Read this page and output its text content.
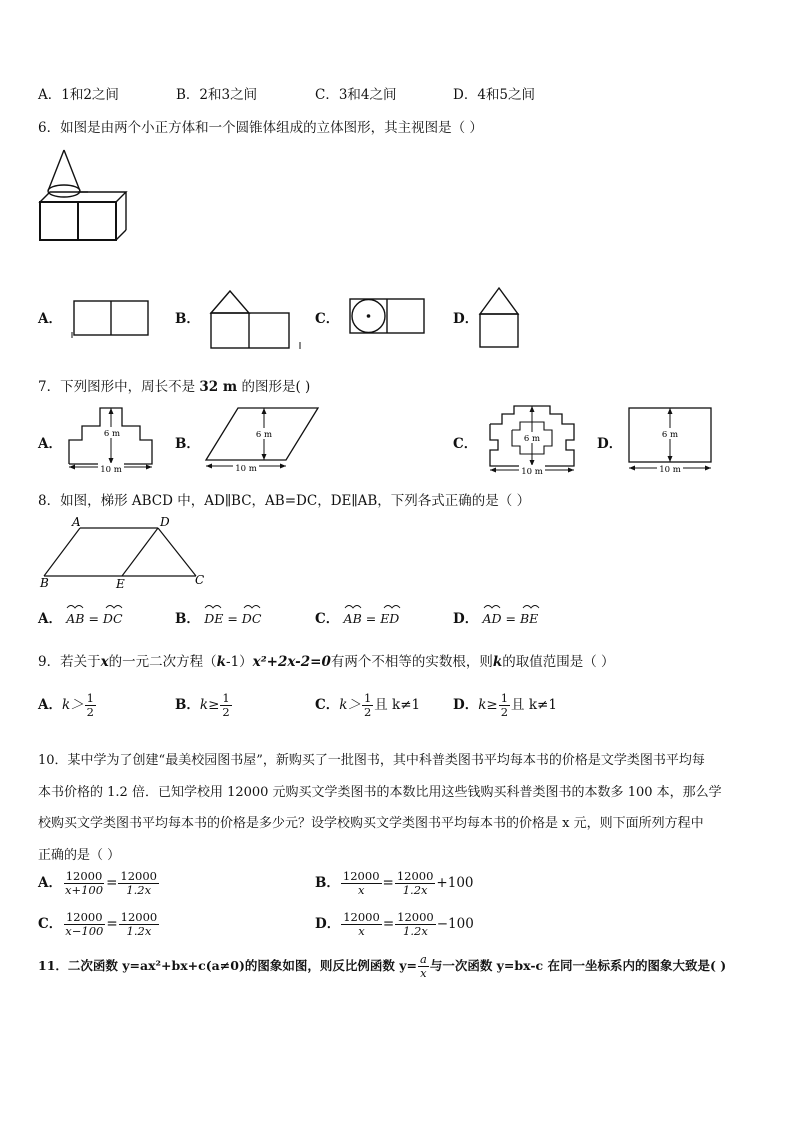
A．1和2之间	B．2和3之间	C．3和4之间	D．4和5之间
6．如图是由两个小正方体和一个圆锥体组成的立体图形，其主视图是（ ）
A．	B．	C．	D．
7．下列图形中，周长不是 32 m 的图形是( )
A．
6 m
10 m
B．
6 m
10 m
C．	6 m
10 m
D．
6 m
10 m
8．如图，梯形 ABCD 中，AD∥BC，AB=DC，DE∥AB，下列各式正确的是（ ）
A	D
B	E	C
A． AB = DC	B． DE = DC	C． AB = ED	D． AD = BE
9．若关于x的一元二次方程（k-1）x²+2x-2=0有两个不相等的实数根，则k的取值范围是（ ）
A．$k> \frac{1}{2}$	B．$k\ge \frac{1}{2}$	C．$k> \frac{1}{2}$ 且 k≠1 D．$k\ge \frac{1}{2}$ 且 k≠1
10．某中学为了创建“最美校园图书屋”，新购买了一批图书，其中科普类图书平均每本书的价格是文学类图书平均每
本书价格的 1.2 倍．已知学校用 12000 元购买文学类图书的本数比用这些钱购买科普类图书的本数多 100 本，那么学
校购买文学类图书平均每本书的价格是多少元？设学校购买文学类图书平均每本书的价格是 x 元，则下面所列方程中
正确的是（ ）
A． $\frac{12000}{x+100} = \frac{12000}{1.2x}$	B． $\frac{12000}{x} = \frac{12000}{1.2x} +100$
C． $\frac{12000}{x-100} = \frac{12000}{1.2x}$	D． $\frac{12000}{x} = \frac{12000}{1.2x} -100$
11．二次函数 y=ax²+bx+c(a≠0)的图象如图，则反比例函数 $y= \frac{a}{x}$ 与一次函数 y=bx-c 在同一坐标系内的图象大致是( )
